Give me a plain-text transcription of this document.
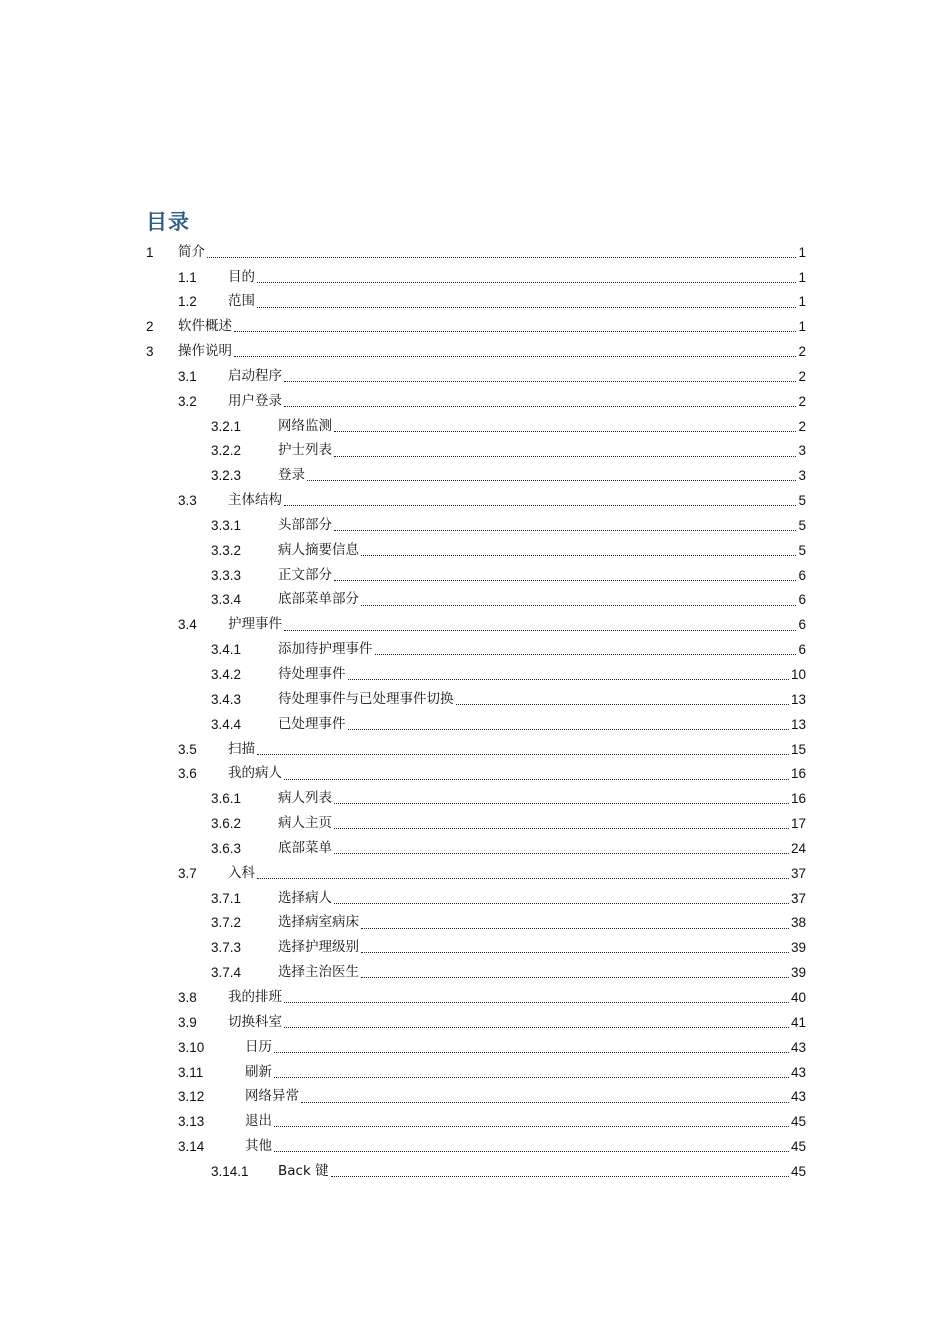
目录
1	简介	1
1.1	目的	1
1.2	范围	1
2	软件概述	1
3	操作说明	2
3.1	启动程序	2
3.2	用户登录	2
3.2.1	网络监测	2
3.2.2	护士列表	3
3.2.3	登录	3
3.3	主体结构	5
3.3.1	头部部分	5
3.3.2	病人摘要信息	5
3.3.3	正文部分	6
3.3.4	底部菜单部分	6
3.4	护理事件	6
3.4.1	添加待护理事件	6
3.4.2	待处理事件	10
3.4.3	待处理事件与已处理事件切换	13
3.4.4	已处理事件	13
3.5	扫描	15
3.6	我的病人	16
3.6.1	病人列表	16
3.6.2	病人主页	17
3.6.3	底部菜单	24
3.7	入科	37
3.7.1	选择病人	37
3.7.2	选择病室病床	38
3.7.3	选择护理级别	39
3.7.4	选择主治医生	39
3.8	我的排班	40
3.9	切换科室	41
3.10	日历	43
3.11	刷新	43
3.12	网络异常	43
3.13	退出	45
3.14	其他	45
3.14.1	Back 键	45
